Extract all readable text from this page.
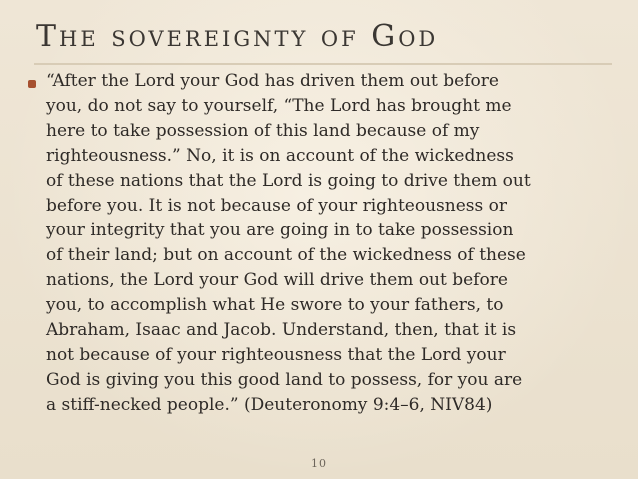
The sovereignty of God

“After the Lord your God has driven them out before
you, do not say to yourself, “The Lord has brought me
here to take possession of this land because of my
righteousness.” No, it is on account of the wickedness
of these nations that the Lord is going to drive them out
before you. It is not because of your righteousness or
your integrity that you are going in to take possession
of their land; but on account of the wickedness of these
nations, the Lord your God will drive them out before
you, to accomplish what He swore to your fathers, to
Abraham, Isaac and Jacob. Understand, then, that it is
not because of your righteousness that the Lord your
God is giving you this good land to possess, for you are
a stiff-necked people.” (Deuteronomy 9:4–6, NIV84)

10
